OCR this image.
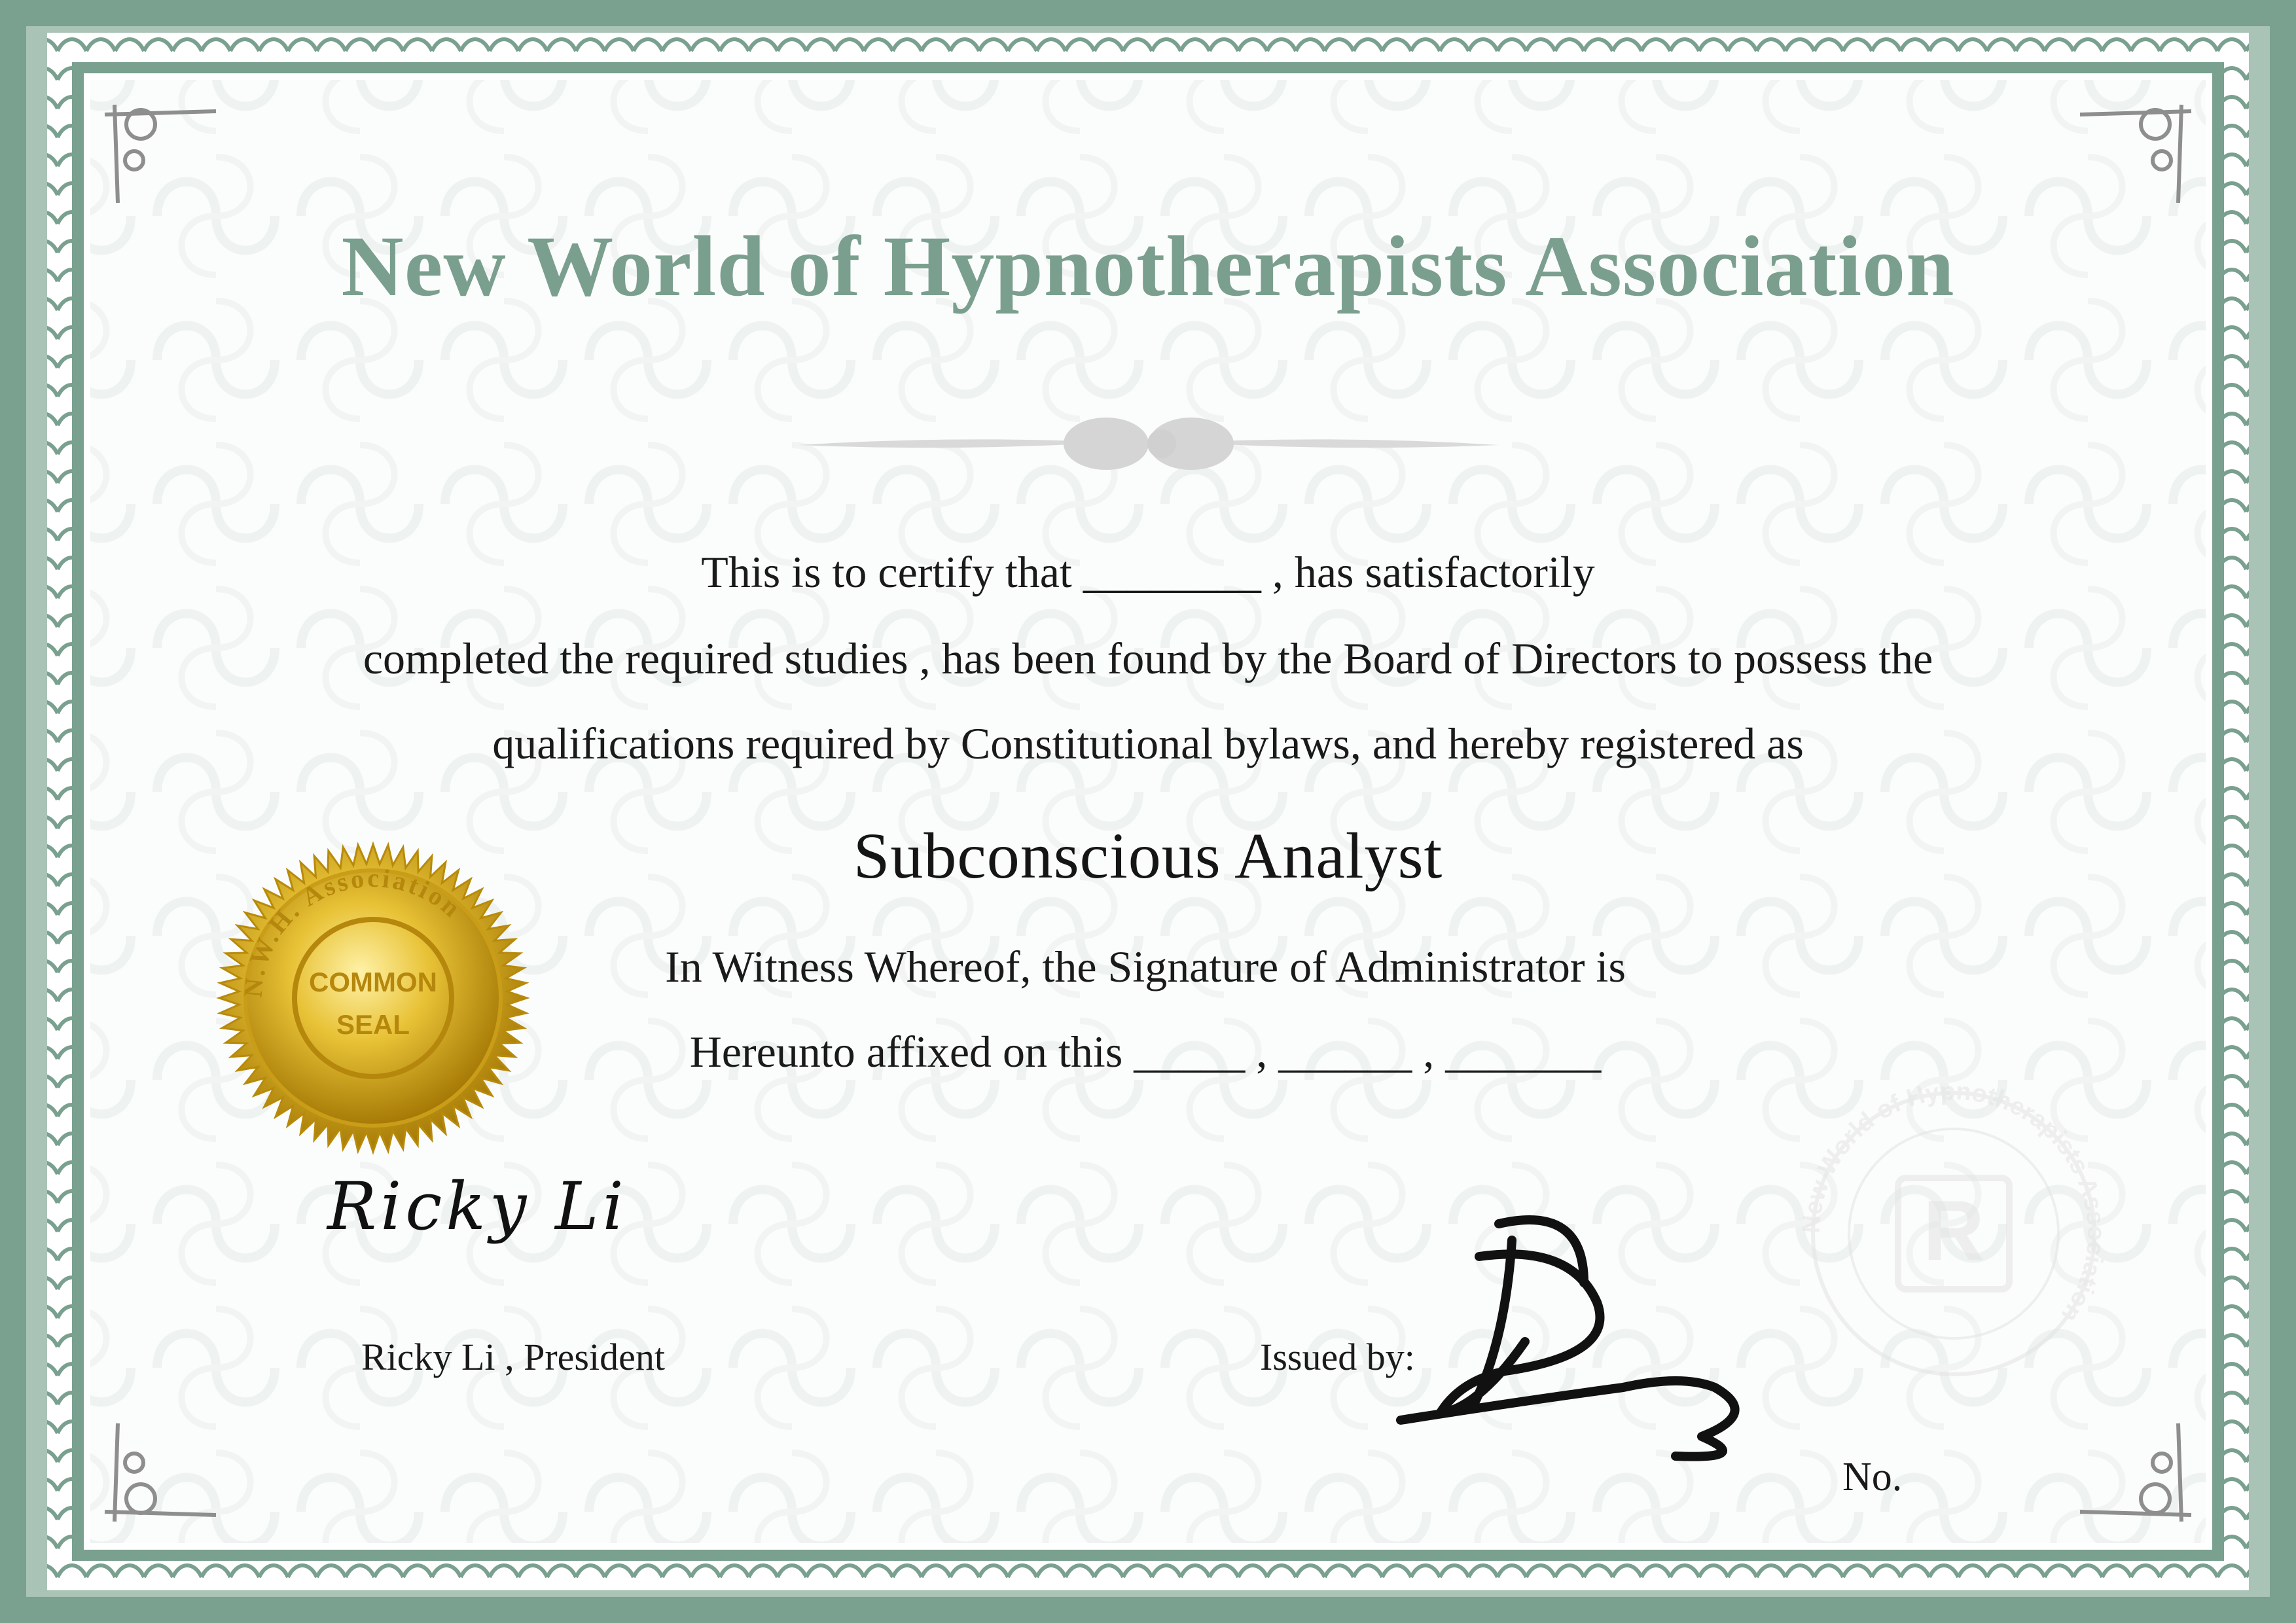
R
New World of Hypnotherapists Association
N.W.H. Association
COMMON
SEAL
New World of Hypnotherapists Association
This is to certify that ________ , has satisfactorily
completed the required studies , has been found by the Board of Directors to possess the
qualifications required by Constitutional bylaws, and hereby registered as
Subconscious Analyst
In Witness Whereof, the Signature of Administrator is
Hereunto affixed on this _____ , ______ , _______
Ricky Li
Ricky Li , President	Issued by:
No.
